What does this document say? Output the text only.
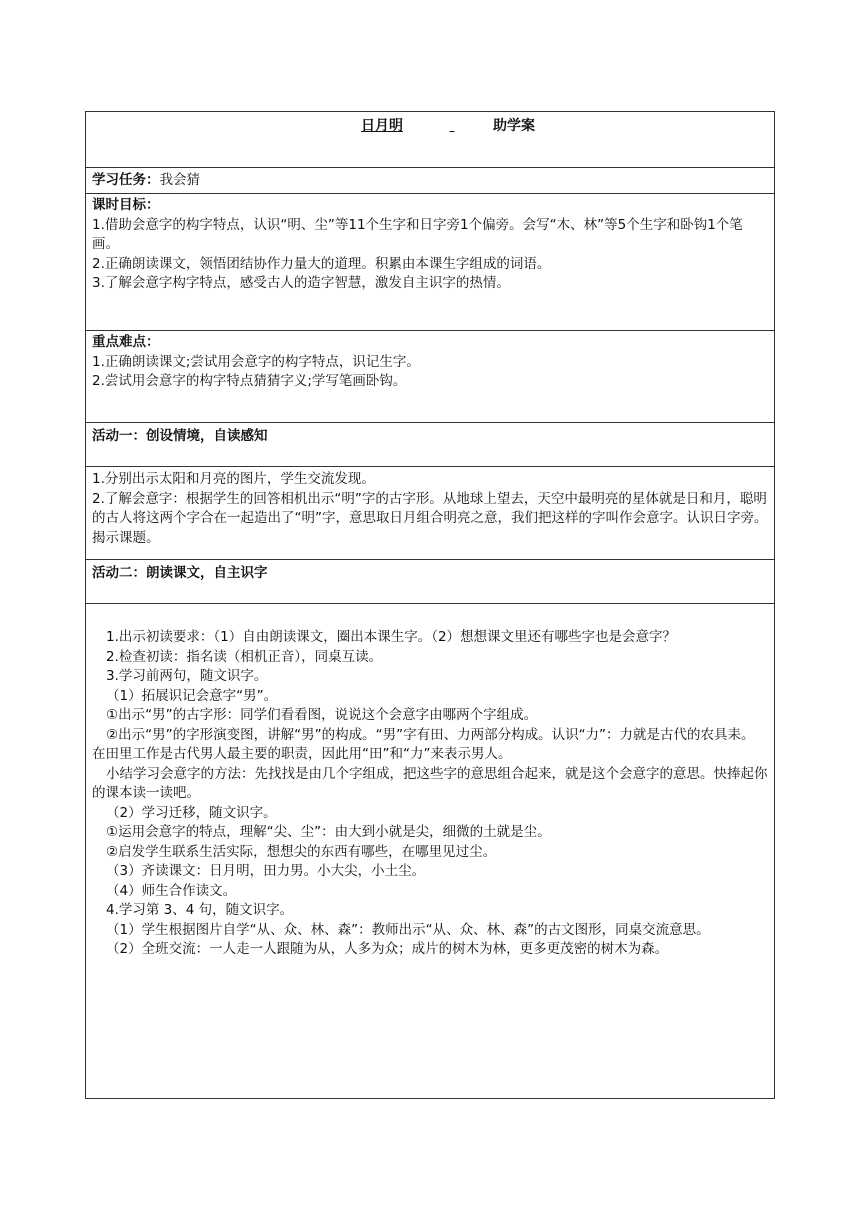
日月明	助学案
学习任务：我会猜

课时目标：

1.借助会意字的构字特点，认识“明、尘”等11个生字和日字旁1个偏旁。会写“木、林”等5个生字和卧钩1个笔画。

2.正确朗读课文，领悟团结协作力量大的道理。积累由本课生字组成的词语。

3.了解会意字构字特点，感受古人的造字智慧，激发自主识字的热情。

重点难点：

1.正确朗读课文;尝试用会意字的构字特点，识记生字。

2.尝试用会意字的构字特点猜猜字义;学写笔画卧钩。

活动一：创设情境，自读感知

1.分别出示太阳和月亮的图片，学生交流发现。

2.了解会意字：根据学生的回答相机出示“明”字的古字形。从地球上望去，天空中最明亮的星体就是日和月，聪明的古人将这两个字合在一起造出了“明”字，意思取日月组合明亮之意，我们把这样的字叫作会意字。认识日字旁。揭示课题。

活动二：朗读课文，自主识字

1.出示初读要求：（1）自由朗读课文，圈出本课生字。（2）想想课文里还有哪些字也是会意字？

2.检查初读：指名读（相机正音），同桌互读。

3.学习前两句，随文识字。

（1）拓展识记会意字“男”。

①出示“男”的古字形：同学们看看图，说说这个会意字由哪两个字组成。

②出示“男”的字形演变图，讲解“男”的构成。“男”字有田、力两部分构成。认识“力”：力就是古代的农具耒。在田里工作是古代男人最主要的职责，因此用“田”和“力”来表示男人。

小结学习会意字的方法：先找找是由几个字组成，把这些字的意思组合起来，就是这个会意字的意思。快捧起你的课本读一读吧。

（2）学习迁移，随文识字。

①运用会意字的特点，理解“尖、尘”：由大到小就是尖，细微的土就是尘。

②启发学生联系生活实际，想想尖的东西有哪些，在哪里见过尘。

（3）齐读课文：日月明，田力男。小大尖，小土尘。

（4）师生合作读文。

4.学习第 3、4 句，随文识字。

（1）学生根据图片自学“从、众、林、森”：教师出示“从、众、林、森”的古文图形，同桌交流意思。

（2）全班交流：一人走一人跟随为从，人多为众；成片的树木为林，更多更茂密的树木为森。
